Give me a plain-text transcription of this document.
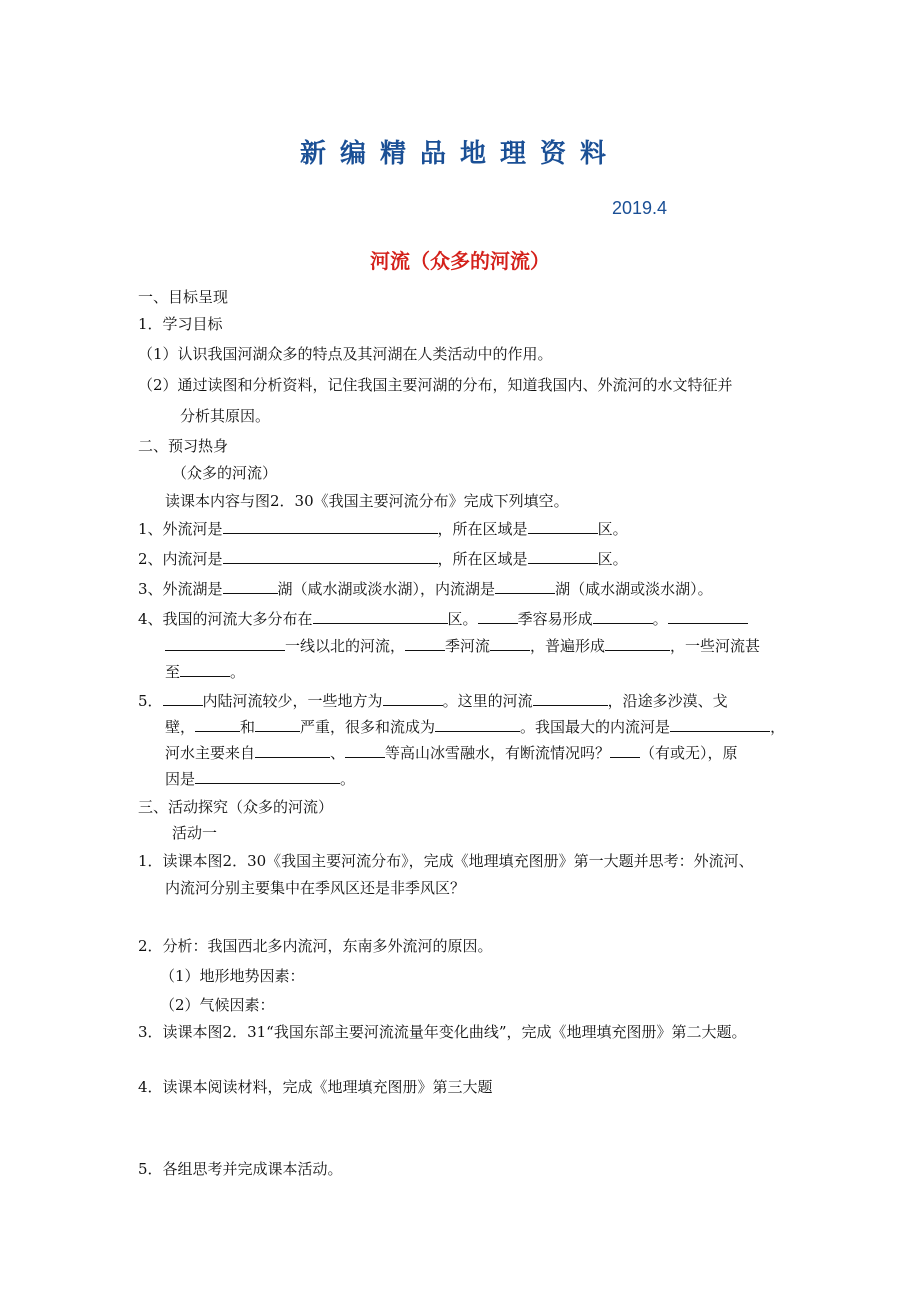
新编精品地理资料
2019.4
河流（众多的河流）
一、目标呈现
1．学习目标
（1）认识我国河湖众多的特点及其河湖在人类活动中的作用。
（2）通过读图和分析资料，记住我国主要河湖的分布，知道我国内、外流河的水文特征并
分析其原因。
二、预习热身
（众多的河流）
读课本内容与图2．30《我国主要河流分布》完成下列填空。
1、外流河是	，所在区域是	区。
2、内流河是	，所在区域是	区。
3、外流湖是	湖（咸水湖或淡水湖），内流湖是	湖（咸水湖或淡水湖）。
4、我国的河流大多分布在	区。	季容易形成	。
一线以北的河流，	季河流	，普遍形成	，一些河流甚
至	。
5．	内陆河流较少，一些地方为	。这里的河流	，沿途多沙漠、戈
壁，	和	严重，很多和流成为	。我国最大的内流河是	，
河水主要来自	、	等高山冰雪融水，有断流情况吗？ （有或无），原
因是	。
三、活动探究（众多的河流）
活动一
1．读课本图2．30《我国主要河流分布》，完成《地理填充图册》第一大题并思考：外流河、
内流河分别主要集中在季风区还是非季风区？
2．分析：我国西北多内流河，东南多外流河的原因。
（1）地形地势因素：
（2）气候因素：
3．读课本图2．31“我国东部主要河流流量年变化曲线”，完成《地理填充图册》第二大题。
4．读课本阅读材料，完成《地理填充图册》第三大题
5．各组思考并完成课本活动。
